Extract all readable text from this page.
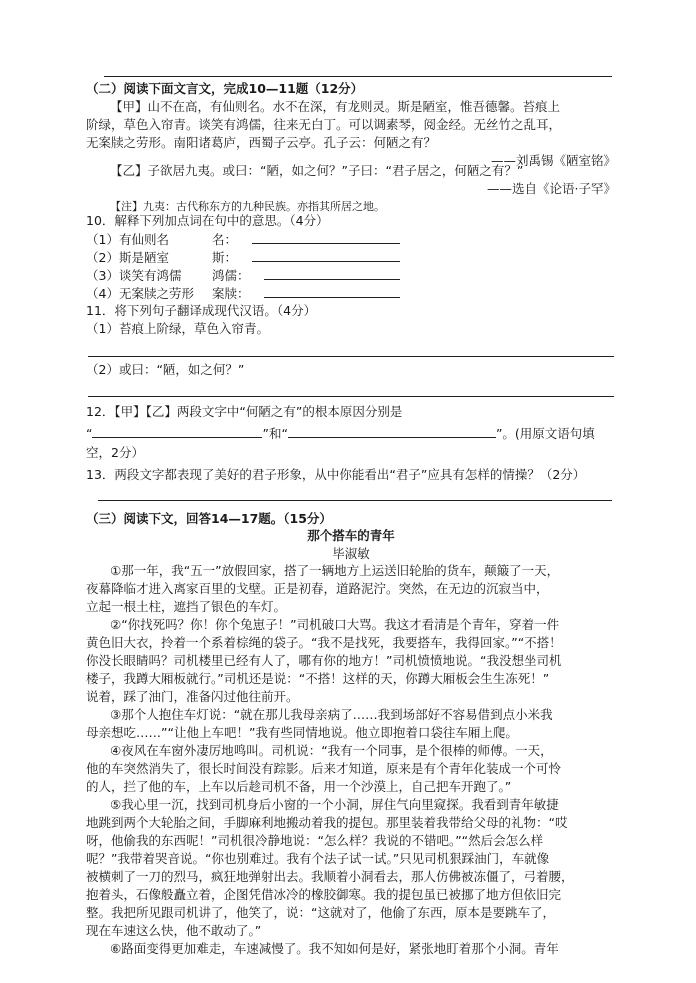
（二）阅读下面文言文，完成10—11题（12分）
【甲】山不在高，有仙则名。水不在深，有龙则灵。斯是陋室，惟吾德馨。苔痕上
阶绿，草色入帘青。谈笑有鸿儒，往来无白丁。可以调素琴，阅金经。无丝竹之乱耳，
无案牍之劳形。南阳诸葛庐，西蜀子云亭。孔子云：何陋之有？
——刘禹锡《陋室铭》
【乙】子欲居九夷。或曰：“陋，如之何？”子曰：“君子居之，何陋之有？”
——选自《论语·子罕》
【注】九夷：古代称东方的九种民族。亦指其所居之地。
10．解释下列加点词在句中的意思。（4分）
（1）有仙则名	名：
（2）斯是陋室	斯：
（3）谈笑有鸿儒 鸿儒：
（4）无案牍之劳形 案牍：
11．将下列句子翻译成现代汉语。（4分）
（1）苔痕上阶绿，草色入帘青。
（2）或曰：“陋，如之何？”
12．【甲】【乙】两段文字中“何陋之有”的根本原因分别是
“	”和“	”。(用原文语句填
空，2分）
13．两段文字都表现了美好的君子形象，从中你能看出“君子”应具有怎样的情操？（2分）
（三）阅读下文，回答14—17题。（15分）
那个搭车的青年
毕淑敏
①那一年，我“五一”放假回家，搭了一辆地方上运送旧轮胎的货车，颠簸了一天，
夜幕降临才进入离家百里的戈壁。正是初春，道路泥泞。突然，在无边的沉寂当中，
立起一根土柱，遮挡了银色的车灯。
②“你找死吗？你！你个兔崽子！”司机破口大骂。我这才看清是个青年，穿着一件
黄色旧大衣，拎着一个系着棕绳的袋子。“我不是找死，我要搭车，我得回家。”“不搭！
你没长眼睛吗？司机楼里已经有人了，哪有你的地方！”司机愤愤地说。“我没想坐司机
楼子，我蹲大厢板就行。”司机还是说：“不搭！这样的天，你蹲大厢板会生生冻死！”
说着，踩了油门，准备闪过他往前开。
③那个人抱住车灯说：“就在那儿我母亲病了……我到场部好不容易借到点小米我
母亲想吃……”“让他上车吧！”我有些同情地说。他立即抱着口袋往车厢上爬。
④夜风在车窗外凄厉地鸣叫。司机说：“我有一个同事，是个很棒的师傅。一天，
他的车突然消失了，很长时间没有踪影。后来才知道，原来是有个青年化装成一个可怜
的人，拦了他的车，上车以后趁司机不备，用一个沙漠上，自己把车开跑了。”
⑤我心里一沉，找到司机身后小窗的一个小洞，屏住气向里窥探。我看到青年敏捷
地跳到两个大轮胎之间，手脚麻利地搬动着我的提包。那里装着我带给父母的礼物：“哎
呀，他偷我的东西呢！”司机很冷静地说：“怎么样？我说的不错吧。”“然后会怎么样
呢？”我带着哭音说。“你也别难过。我有个法子试一试。”只见司机狠踩油门，车就像
被横刺了一刀的烈马，疯狂地弹射出去。我顺着小洞看去，那人仿佛被冻僵了，弓着腰，
抱着头，石像般矗立着，企图凭借冰冷的橡胶御寒。我的提包虽已被挪了地方但依旧完
整。我把所见跟司机讲了，他笑了，说：“这就对了，他偷了东西，原本是要跳车了，
现在车速这么快，他不敢动了。”
⑥路面变得更加难走，车速减慢了。我不知如何是好，紧张地盯着那个小洞。青年
